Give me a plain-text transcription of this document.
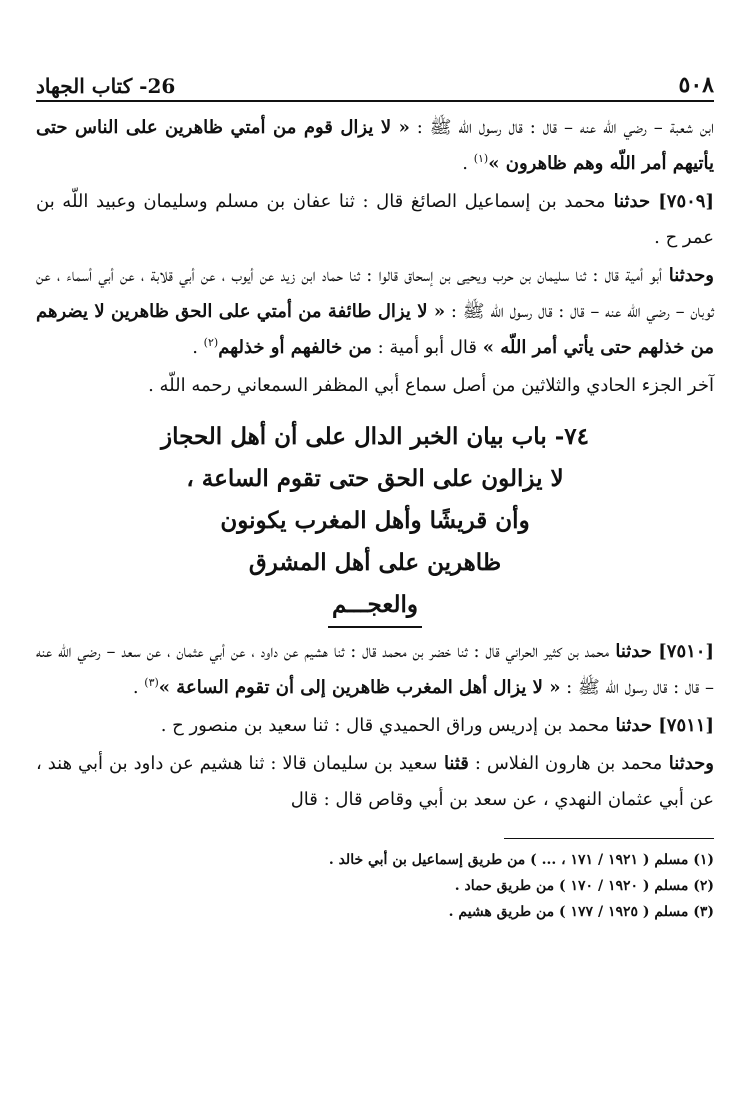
٥٠٨
26- كتاب الجهاد

ابن شعبة – رضي اللّه عنه – قال : قال رسول اللّه ﷺ : « لا يزال قوم من أمتي ظاهرين على الناس حتى يأتيهم أمر اللّه وهم ظاهرون »$^{(١)}$ .

[٧٥٠٩] حدثنا محمد بن إسماعيل الصائغ قال : ثنا عفان بن مسلم وسليمان وعبيد اللّه بن عمر ح .

وحدثنا أبو أمية قال : ثنا سليمان بن حرب ويحيى بن إسحاق قالوا : ثنا حماد ابن زيد عن أيوب ، عن أبي قلابة ، عن أبي أسماء ، عن ثوبان – رضي اللّه عنه – قال : قال رسول اللّه ﷺ : « لا يزال طائفة من أمتي على الحق ظاهرين لا يضرهم من خذلهم حتى يأتي أمر اللّه » قال أبو أمية : من خالفهم أو خذلهم$^{(٢)}$ .

آخر الجزء الحادي والثلاثين من أصل سماع أبي المظفر السمعاني رحمه اللّه .

٧٤- باب بيان الخبر الدال على أن أهل الحجاز
لا يزالون على الحق حتى تقوم الساعة ،
وأن قريشًا وأهل المغرب يكونون
ظاهرين على أهل المشرق
والعجـــم

[٧٥١٠] حدثنا محمد بن كثير الحراني قال : ثنا خضر بن محمد قال : ثنا هشيم عن داود ، عن أبي عثمان ، عن سعد – رضي اللّه عنه – قال : قال رسول اللّه ﷺ : « لا يزال أهل المغرب ظاهرين إلى أن تقوم الساعة »$^{(٣)}$ .

[٧٥١١] حدثنا محمد بن إدريس وراق الحميدي قال : ثنا سعيد بن منصور ح .

وحدثنا محمد بن هارون الفلاس : قثنا سعيد بن سليمان قالا : ثنا هشيم عن داود بن أبي هند ، عن أبي عثمان النهدي ، عن سعد بن أبي وقاص قال : قال

(١) مسلم ( ١٩٢١ / ١٧١ ، ... ) من طريق إسماعيل بن أبي خالد .
(٢) مسلم ( ١٩٢٠ / ١٧٠ ) من طريق حماد .
(٣) مسلم ( ١٩٢٥ / ١٧٧ ) من طريق هشيم .
